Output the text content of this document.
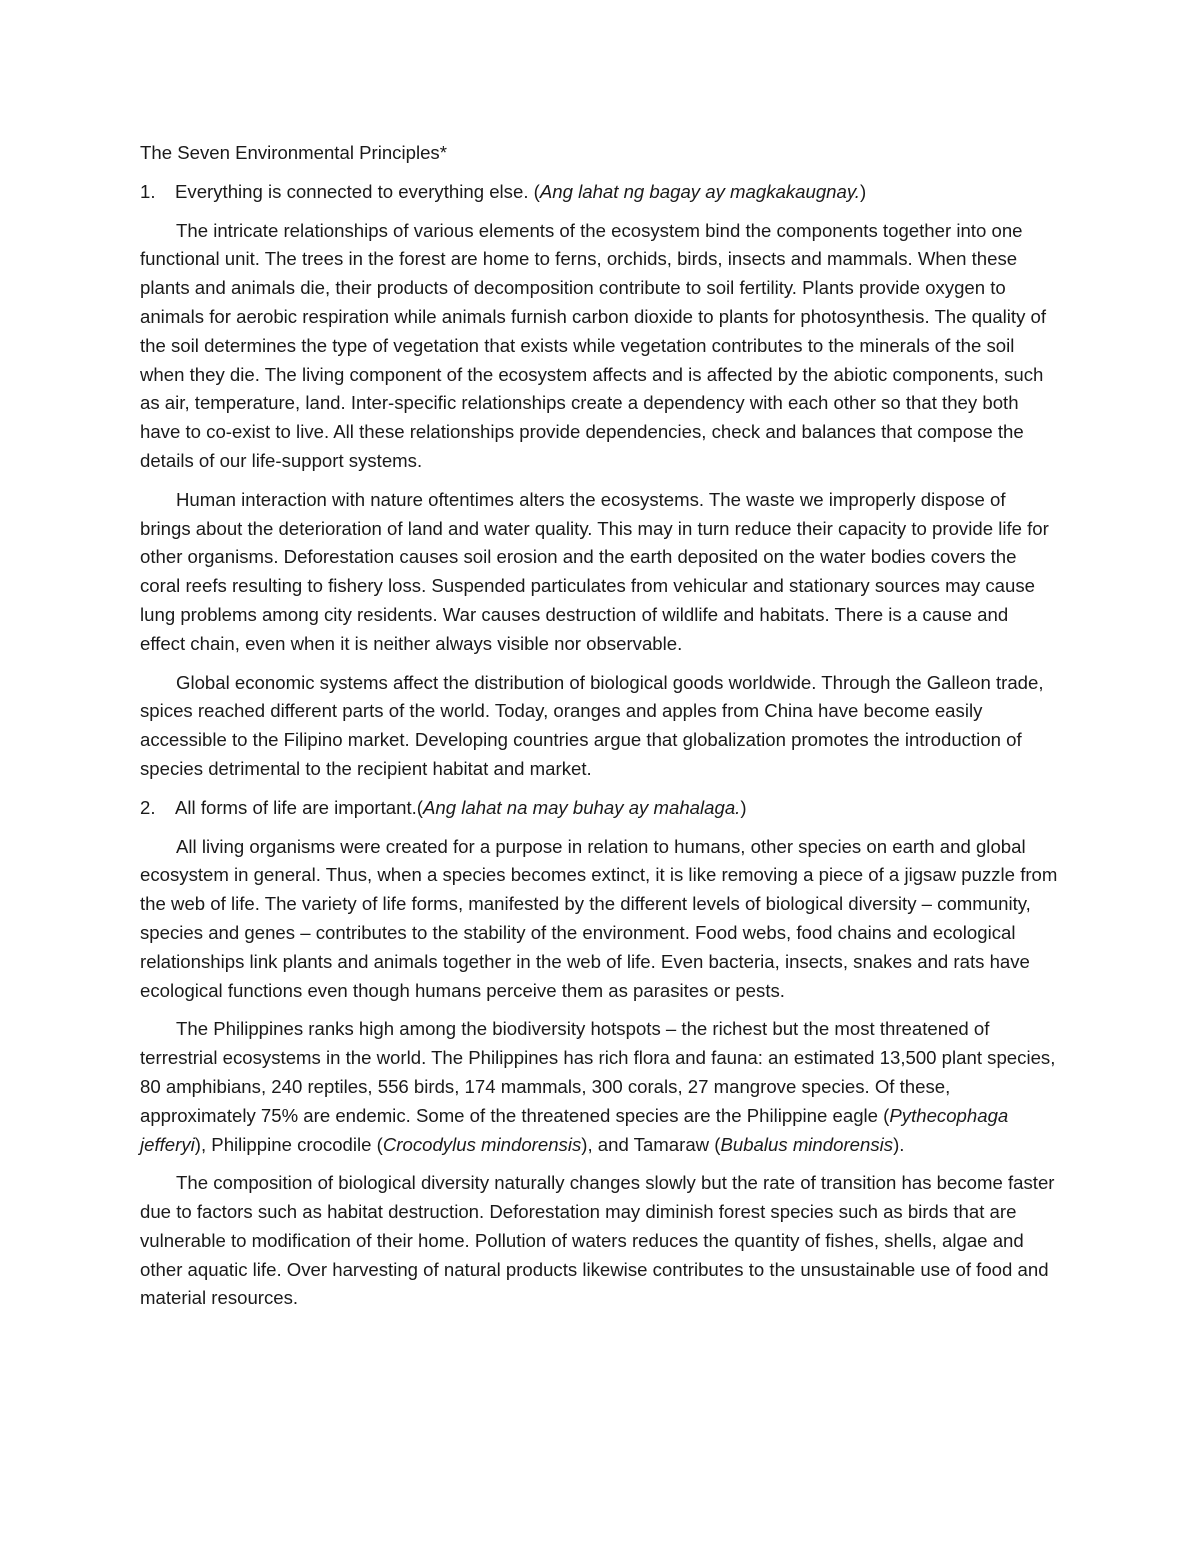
The Seven Environmental Principles*

1.	Everything is connected to everything else. (Ang lahat ng bagay ay magkakaugnay.)

The intricate relationships of various elements of the ecosystem bind the components together into one functional unit. The trees in the forest are home to ferns, orchids, birds, insects and mammals. When these plants and animals die, their products of decomposition contribute to soil fertility. Plants provide oxygen to animals for aerobic respiration while animals furnish carbon dioxide to plants for photosynthesis. The quality of the soil determines the type of vegetation that exists while vegetation contributes to the minerals of the soil when they die. The living component of the ecosystem affects and is affected by the abiotic components, such as air, temperature, land. Inter-specific relationships create a dependency with each other so that they both have to co-exist to live. All these relationships provide dependencies, check and balances that compose the details of our life-support systems.

Human interaction with nature oftentimes alters the ecosystems. The waste we improperly dispose of brings about the deterioration of land and water quality. This may in turn reduce their capacity to provide life for other organisms. Deforestation causes soil erosion and the earth deposited on the water bodies covers the coral reefs resulting to fishery loss. Suspended particulates from vehicular and stationary sources may cause lung problems among city residents. War causes destruction of wildlife and habitats. There is a cause and effect chain, even when it is neither always visible nor observable.

Global economic systems affect the distribution of biological goods worldwide. Through the Galleon trade, spices reached different parts of the world. Today, oranges and apples from China have become easily accessible to the Filipino market. Developing countries argue that globalization promotes the introduction of species detrimental to the recipient habitat and market.

2.	All forms of life are important.(Ang lahat na may buhay ay mahalaga.)

All living organisms were created for a purpose in relation to humans, other species on earth and global ecosystem in general. Thus, when a species becomes extinct, it is like removing a piece of a jigsaw puzzle from the web of life. The variety of life forms, manifested by the different levels of biological diversity – community, species and genes – contributes to the stability of the environment. Food webs, food chains and ecological relationships link plants and animals together in the web of life. Even bacteria, insects, snakes and rats have ecological functions even though humans perceive them as parasites or pests.

The Philippines ranks high among the biodiversity hotspots – the richest but the most threatened of terrestrial ecosystems in the world. The Philippines has rich flora and fauna: an estimated 13,500 plant species, 80 amphibians, 240 reptiles, 556 birds, 174 mammals, 300 corals, 27 mangrove species. Of these, approximately 75% are endemic. Some of the threatened species are the Philippine eagle (Pythecophaga jefferyi), Philippine crocodile (Crocodylus mindorensis), and Tamaraw (Bubalus mindorensis).

The composition of biological diversity naturally changes slowly but the rate of transition has become faster due to factors such as habitat destruction. Deforestation may diminish forest species such as birds that are vulnerable to modification of their home. Pollution of waters reduces the quantity of fishes, shells, algae and other aquatic life. Over harvesting of natural products likewise contributes to the unsustainable use of food and material resources.
